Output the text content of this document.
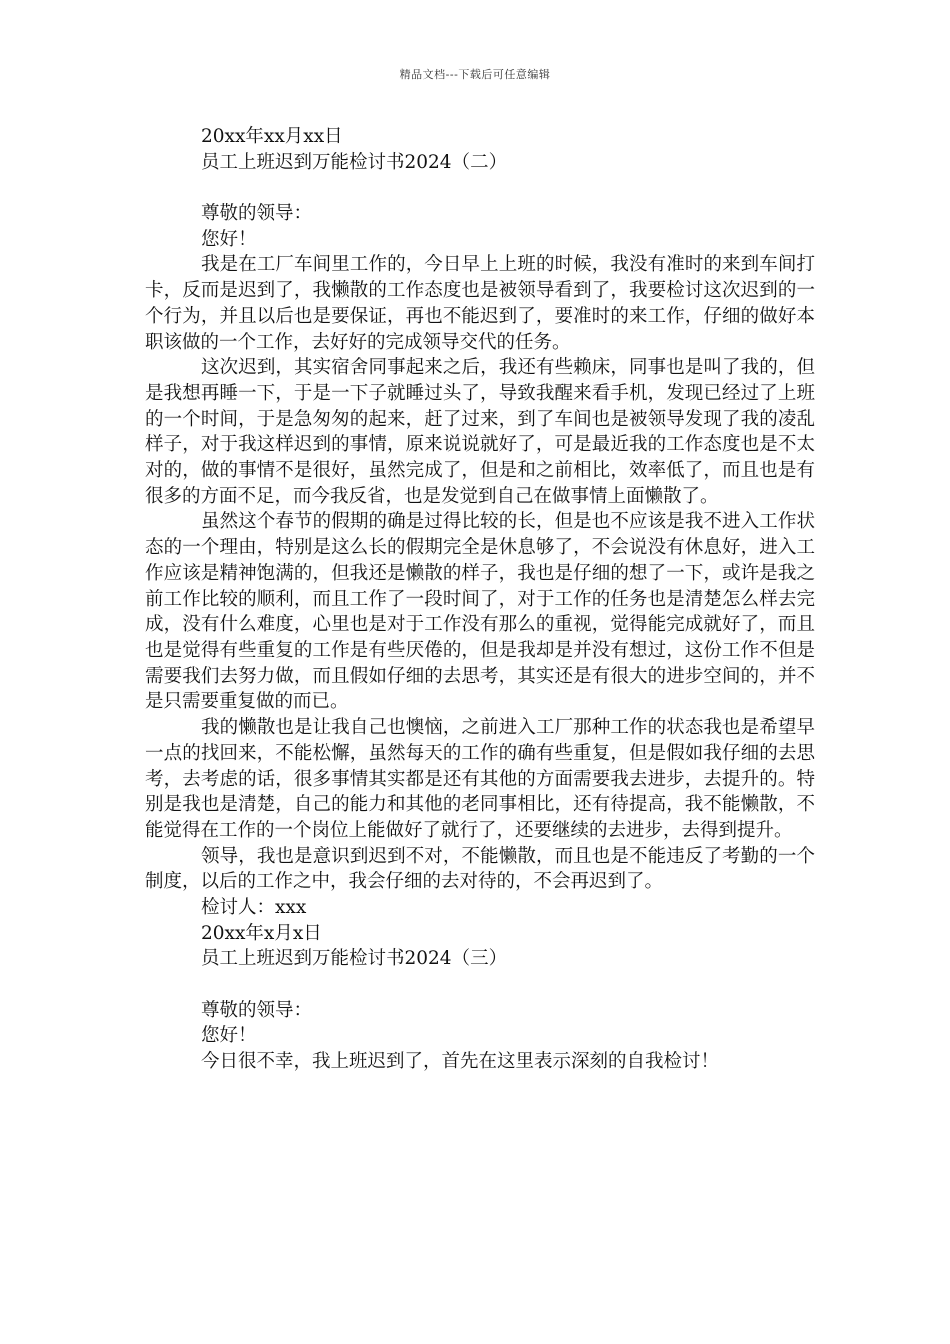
精品文档---下载后可任意编辑
20xx年xx月xx日
员工上班迟到万能检讨书2024（二）
尊敬的领导：
您好！
我是在工厂车间里工作的，今日早上上班的时候，我没有准时的来到车间打卡，反而是迟到了，我懒散的工作态度也是被领导看到了，我要检讨这次迟到的一个行为，并且以后也是要保证，再也不能迟到了，要准时的来工作，仔细的做好本职该做的一个工作，去好好的完成领导交代的任务。
这次迟到，其实宿舍同事起来之后，我还有些赖床，同事也是叫了我的，但是我想再睡一下，于是一下子就睡过头了，导致我醒来看手机，发现已经过了上班的一个时间，于是急匆匆的起来，赶了过来，到了车间也是被领导发现了我的凌乱样子，对于我这样迟到的事情，原来说说就好了，可是最近我的工作态度也是不太对的，做的事情不是很好，虽然完成了，但是和之前相比，效率低了，而且也是有很多的方面不足，而今我反省，也是发觉到自己在做事情上面懒散了。
虽然这个春节的假期的确是过得比较的长，但是也不应该是我不进入工作状态的一个理由，特别是这么长的假期完全是休息够了，不会说没有休息好，进入工作应该是精神饱满的，但我还是懒散的样子，我也是仔细的想了一下，或许是我之前工作比较的顺利，而且工作了一段时间了，对于工作的任务也是清楚怎么样去完成，没有什么难度，心里也是对于工作没有那么的重视，觉得能完成就好了，而且也是觉得有些重复的工作是有些厌倦的，但是我却是并没有想过，这份工作不但是需要我们去努力做，而且假如仔细的去思考，其实还是有很大的进步空间的，并不是只需要重复做的而已。
我的懒散也是让我自己也懊恼，之前进入工厂那种工作的状态我也是希望早一点的找回来，不能松懈，虽然每天的工作的确有些重复，但是假如我仔细的去思考，去考虑的话，很多事情其实都是还有其他的方面需要我去进步，去提升的。特别是我也是清楚，自己的能力和其他的老同事相比，还有待提高，我不能懒散，不能觉得在工作的一个岗位上能做好了就行了，还要继续的去进步，去得到提升。
领导，我也是意识到迟到不对，不能懒散，而且也是不能违反了考勤的一个制度，以后的工作之中，我会仔细的去对待的，不会再迟到了。
检讨人：xxx
20xx年x月x日
员工上班迟到万能检讨书2024（三）
尊敬的领导：
您好！
今日很不幸，我上班迟到了，首先在这里表示深刻的自我检讨！
